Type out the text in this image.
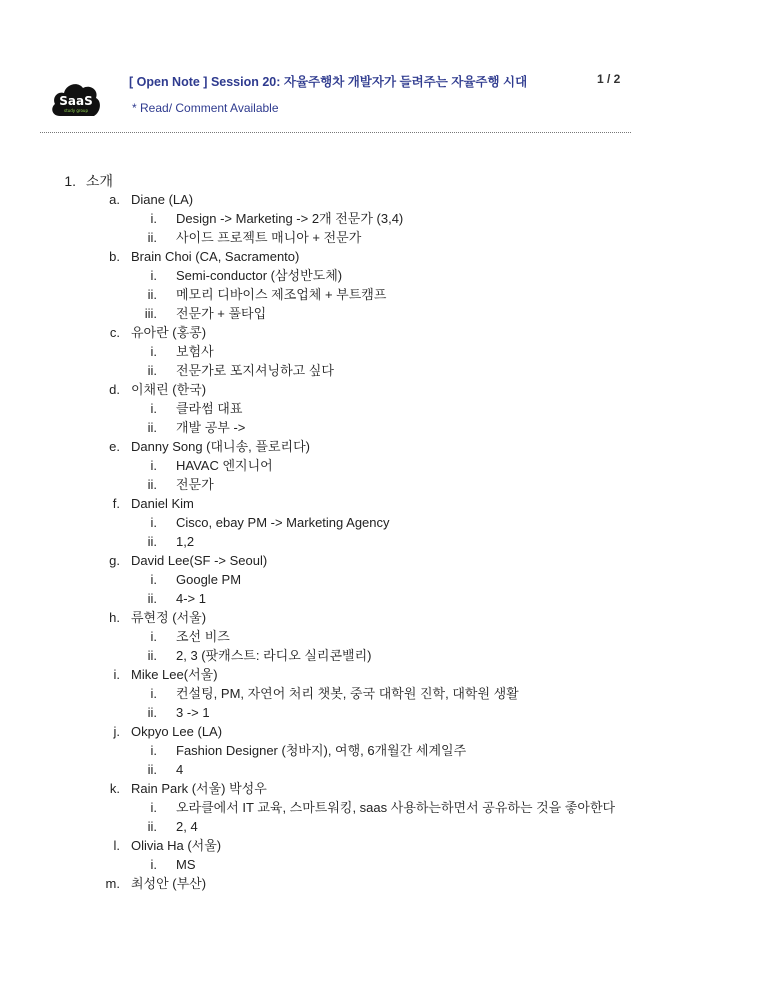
SaaS
study group
[ Open Note ] Session 20: 자율주행차 개발자가 들려주는 자율주행 시대	1 / 2
* Read/ Comment Available
1. 소개
a. Diane (LA)
i. Design -> Marketing -> 2개 전문가 (3,4)
ii. 사이드 프로젝트 매니아 + 전문가
b. Brain Choi (CA, Sacramento)
i. Semi-conductor (삼성반도체)
ii. 메모리 디바이스 제조업체 + 부트캠프
iii. 전문가 + 풀타입
c. 유아란 (홍콩)
i. 보험사
ii. 전문가로 포지셔닝하고 싶다
d. 이채린 (한국)
i. 클라썸 대표
ii. 개발 공부 ->
e. Danny Song (대니송, 플로리다)
i. HAVAC 엔지니어
ii. 전문가
f. Daniel Kim
i. Cisco, ebay PM -> Marketing Agency
ii. 1,2
g. David Lee(SF -> Seoul)
i. Google PM
ii. 4-> 1
h. 류현정 (서울)
i. 조선 비즈
ii. 2, 3 (팟캐스트: 라디오 실리콘밸리)
i. Mike Lee(서울)
i. 컨설팅, PM, 자연어 처리 챗봇, 중국 대학원 진학, 대학원 생활
ii. 3 -> 1
j. Okpyo Lee (LA)
i. Fashion Designer (청바지), 여행, 6개월간 세계일주
ii. 4
k. Rain Park (서울) 박성우
i. 오라클에서 IT 교육, 스마트워킹, saas 사용하는하면서 공유하는 것을 좋아한다
ii. 2, 4
l. Olivia Ha (서울)
i. MS
m. 최성안 (부산)
